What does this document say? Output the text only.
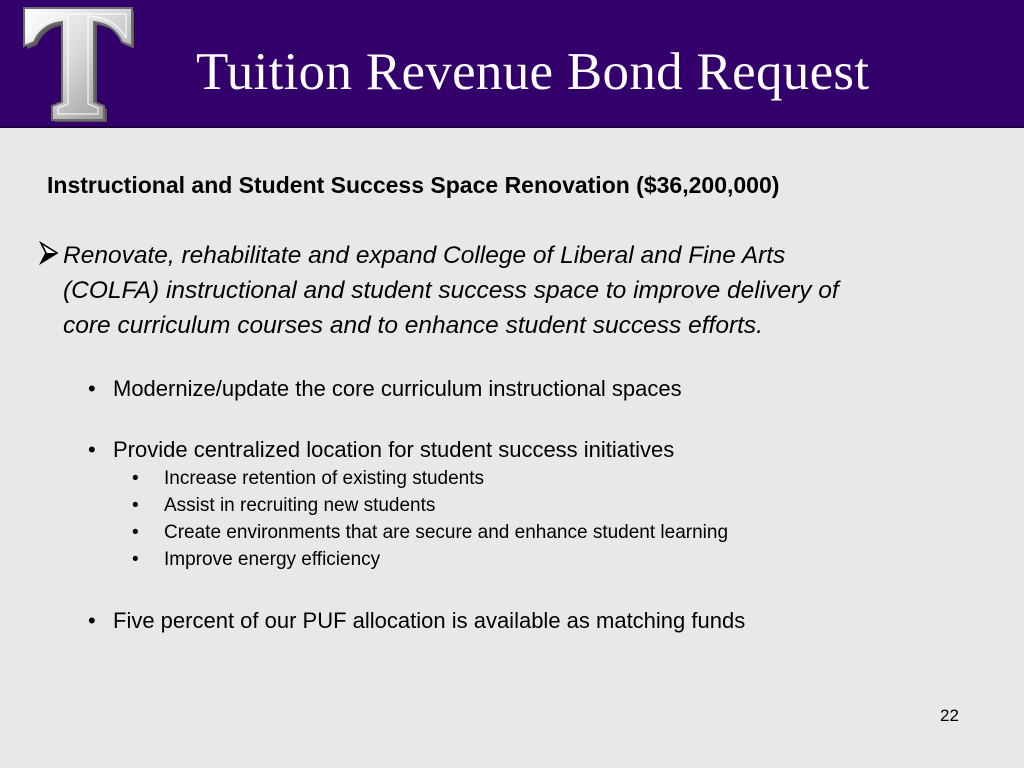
Tuition Revenue Bond Request
Instructional and Student Success Space Renovation ($36,200,000)
Renovate, rehabilitate and expand College of Liberal and Fine Arts
(COLFA) instructional and student success space to improve delivery of
core curriculum courses and to enhance student success efforts.
• Modernize/update the core curriculum instructional spaces
• Provide centralized location for student success initiatives
• Increase retention of existing students
• Assist in recruiting new students
• Create environments that are secure and enhance student learning
• Improve energy efficiency
• Five percent of our PUF allocation is available as matching funds
22
